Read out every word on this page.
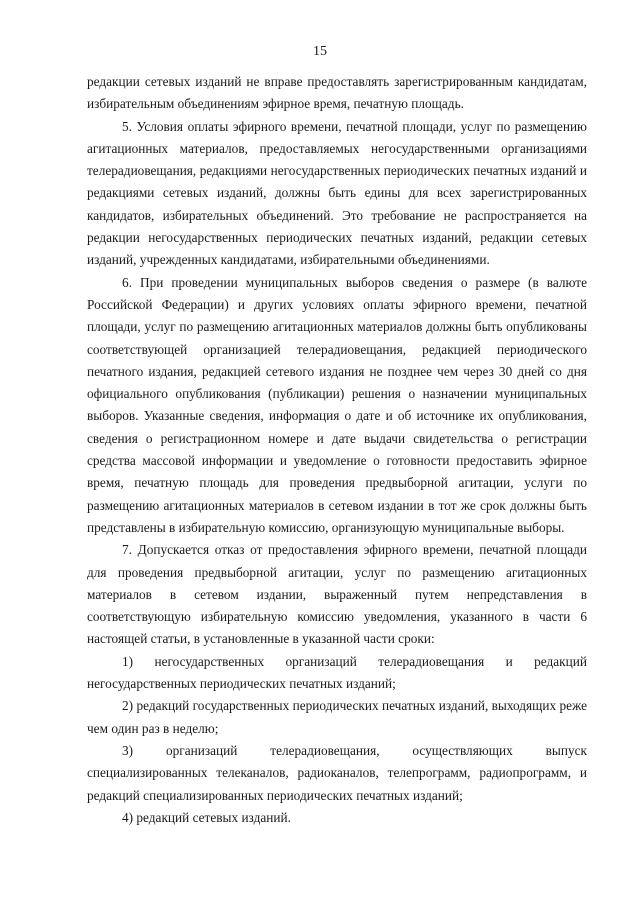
15

редакции сетевых изданий не вправе предоставлять зарегистрированным кандидатам, избирательным объединениям эфирное время, печатную площадь.

5. Условия оплаты эфирного времени, печатной площади, услуг по размещению агитационных материалов, предоставляемых негосударственными организациями телерадиовещания, редакциями негосударственных периодических печатных изданий и редакциями сетевых изданий, должны быть едины для всех зарегистрированных кандидатов, избирательных объединений. Это требование не распространяется на редакции негосударственных периодических печатных изданий, редакции сетевых изданий, учрежденных кандидатами, избирательными объединениями.

6. При проведении муниципальных выборов сведения о размере (в валюте Российской Федерации) и других условиях оплаты эфирного времени, печатной площади, услуг по размещению агитационных материалов должны быть опубликованы соответствующей организацией телерадиовещания, редакцией периодического печатного издания, редакцией сетевого издания не позднее чем через 30 дней со дня официального опубликования (публикации) решения о назначении муниципальных выборов. Указанные сведения, информация о дате и об источнике их опубликования, сведения о регистрационном номере и дате выдачи свидетельства о регистрации средства массовой информации и уведомление о готовности предоставить эфирное время, печатную площадь для проведения предвыборной агитации, услуги по размещению агитационных материалов в сетевом издании в тот же срок должны быть представлены в избирательную комиссию, организующую муниципальные выборы.

7. Допускается отказ от предоставления эфирного времени, печатной площади для проведения предвыборной агитации, услуг по размещению агитационных материалов в сетевом издании, выраженный путем непредставления в соответствующую избирательную комиссию уведомления, указанного в части 6 настоящей статьи, в установленные в указанной части сроки:

1) негосударственных организаций телерадиовещания и редакций негосударственных периодических печатных изданий;

2) редакций государственных периодических печатных изданий, выходящих реже чем один раз в неделю;

3) организаций телерадиовещания, осуществляющих выпуск специализированных телеканалов, радиоканалов, телепрограмм, радиопрограмм, и редакций специализированных периодических печатных изданий;

4) редакций сетевых изданий.
